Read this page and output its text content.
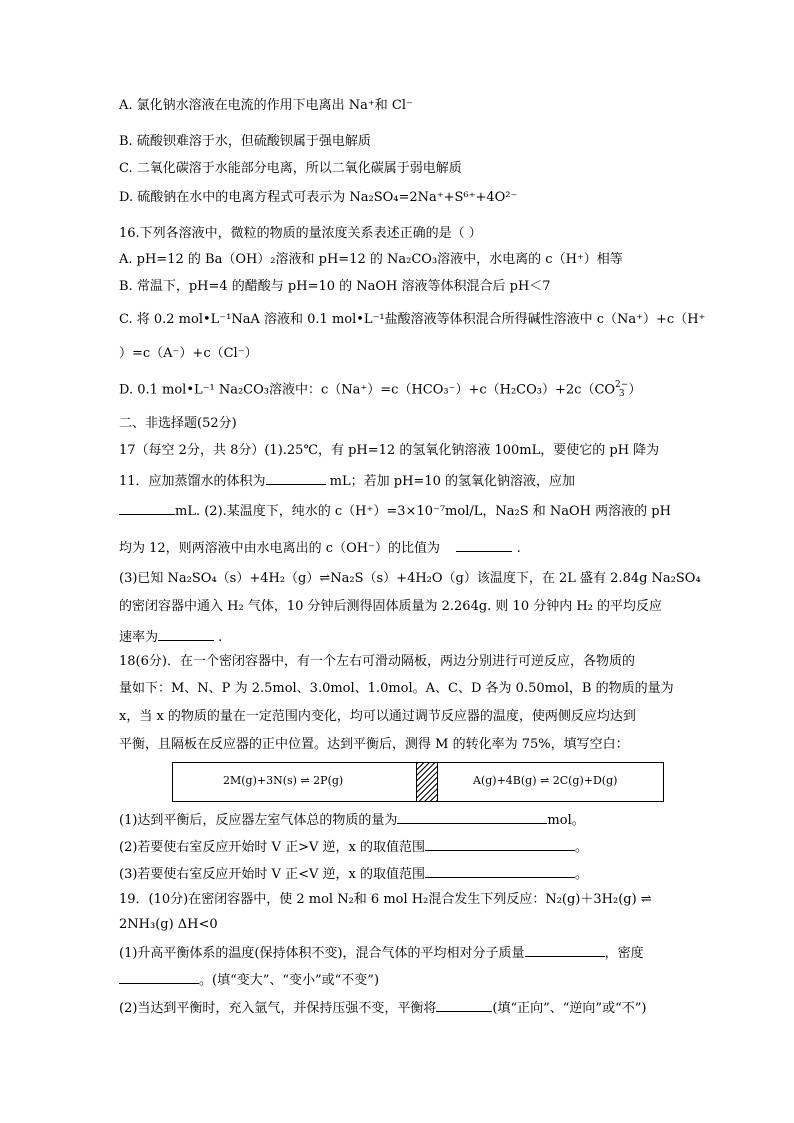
A. 氯化钠水溶液在电流的作用下电离出 Na⁺和 Cl⁻
B. 硫酸钡难溶于水，但硫酸钡属于强电解质
C. 二氧化碳溶于水能部分电离，所以二氧化碳属于弱电解质
D. 硫酸钠在水中的电离方程式可表示为 Na₂SO₄=2Na⁺+S⁶⁺+4O²⁻
16.下列各溶液中，微粒的物质的量浓度关系表述正确的是（ ）
A. pH=12 的 Ba（OH）₂溶液和 pH=12 的 Na₂CO₃溶液中，水电离的 c（H⁺）相等
B. 常温下，pH=4 的醋酸与 pH=10 的 NaOH 溶液等体积混合后 pH＜7
C. 将 0.2 mol•L⁻¹NaA 溶液和 0.1 mol•L⁻¹盐酸溶液等体积混合所得碱性溶液中 c（Na⁺）+c（H⁺
）=c（A⁻）+c（Cl⁻）
D. 0.1 mol•L⁻¹ Na₂CO₃溶液中：c（Na⁺）=c（HCO₃⁻）+c（H₂CO₃）+2c（CO2−
3 ）
二、非选择题(52分)
17（每空 2分，共 8分）(1).25℃，有 pH=12 的氢氧化钠溶液 100mL，要使它的 pH 降为
11．应加蒸馏水的体积为	mL；若加 pH=10 的氢氧化钠溶液，应加
mL. (2).某温度下，纯水的 c（H⁺）=3×10⁻⁷mol/L，Na₂S 和 NaOH 两溶液的 pH
均为 12，则两溶液中由水电离出的 c（OH⁻）的比值为	.
(3)已知 Na₂SO₄（s）+4H₂（g）⇌Na₂S（s）+4H₂O（g）该温度下，在 2L 盛有 2.84g Na₂SO₄
的密闭容器中通入 H₂ 气体，10 分钟后测得固体质量为 2.264g. 则 10 分钟内 H₂ 的平均反应
速率为	.
18(6分)．在一个密闭容器中，有一个左右可滑动隔板，两边分别进行可逆反应，各物质的
量如下：M、N、P 为 2.5mol、3.0mol、1.0mol。A、C、D 各为 0.50mol，B 的物质的量为
x，当 x 的物质的量在一定范围内变化，均可以通过调节反应器的温度，使两侧反应均达到
平衡，且隔板在反应器的正中位置。达到平衡后，测得 M 的转化率为 75%，填写空白：
2M(g)+3N(s) ⇌ 2P(g)	A(g)+4B(g) ⇌ 2C(g)+D(g)
(1)达到平衡后，反应器左室气体总的物质的量为	mol。
(2)若要使右室反应开始时 V 正>V 逆，x 的取值范围	。
(3)若要使右室反应开始时 V 正<V 逆，x 的取值范围	。
19．(10分)在密闭容器中，使 2 mol N₂和 6 mol H₂混合发生下列反应：N₂(g)＋3H₂(g) ⇌
2NH₃(g) ΔH<0
(1)升高平衡体系的温度(保持体积不变)，混合气体的平均相对分子质量	，密度
。(填“变大”、“变小”或“不变”)
(2)当达到平衡时，充入氩气，并保持压强不变，平衡将	(填“正向”、“逆向”或“不”)
